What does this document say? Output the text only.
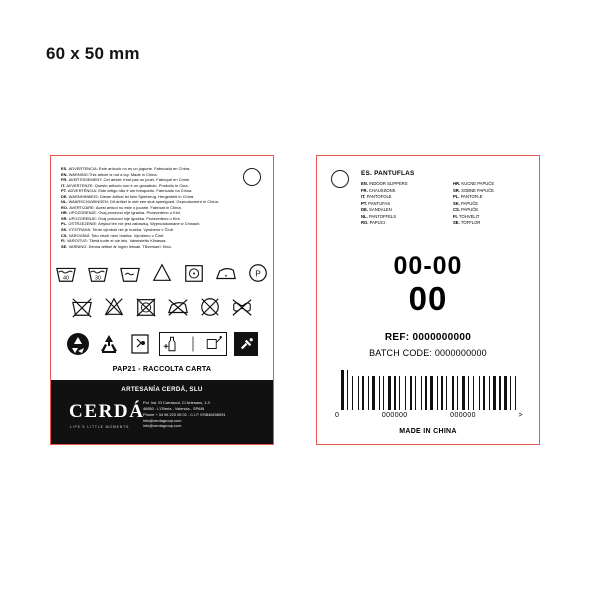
60 x 50 mm
ES. ADVERTENCIA: Este artículo no es un juguete. Fabricado en China.
EN. WARNING:This article is not a toy. Made in China.
FR. AVERTISSEMENT: Cet article n'est pas un jouet. Fabriqué en Chine.
IT. AVVERTENZE: Questo articolo non è un giocattolo. Prodotto in Cina.
PT. ADVERTÊNCIA: Este artigo não é um brinquedo. Fabricado na China.
DE. WARNHINWEIS: Dieser Artikel ist kein Spielzeug. Hergestellt in China.
NL. WAARSCHUWINGEN: Dit artikel is niet een stuk speelgoed. Geproduceerd in China.
RO. AVERTIZARE: Acest articol nu este o jucarie. Fabricat in China.
HR. UPOZORENJE: Ovaj proizvod nije igračka. Proizvedeno u Kini.
SR. UPOZORENJE: Ovaj proizvod nije igračka. Proizvedeno u Kini.
PL. OSTRZEŻENIE: Artykuł ten nie jest zabawką. Wyprodukowane w Chinach.
SK. VÝSTRAHA: Tento výrobok nie je hračka. Vyrobeno v Číně.
CS. VAROVÁNÍ: Toto zboží není hračka. Vyrobeno v Číně.
FI. VAROITUS: Tämä tuote ei ole lelu. Valmistettu Kiinassa.
SE. VARNING: Denna artikel är ingen leksak. Tillverkad i Kina.
40	30	P
PAP21 - RACCOLTA CARTA
ARTESANÍA CERDÁ, SLU
CERDÁ
LIFE'S LITTLE MOMENTS
Pol. Ind. El Carrascot, C/ Artesans, 1-3
46850 - L'Olleria - Valencia - SPAIN
Phone + 34 96 220 05 02 - C.I.F. ESB46206991
info@cerdagroup.com
info@cerdagroup.com
ES. PANTUFLAS
EN. INDOOR SLIPPERS
FR. CHAUSSONS
IT. PANTOFOLE
PT. PANTUFAS
DE. SANDALEN
NL. PANTOFFELS
RO. PAPUCI
HR. KUCNE PAPUČE
SR. SOBNE PAPUČE
PL. PANTOFLE
SK. PAPUČE
CS. PAPUČE
FI. TOHVELIT
SE. TOFFLOR
00-00
00
REF: 0000000000
BATCH CODE: 0000000000
0	000000	000000	>
MADE IN CHINA
